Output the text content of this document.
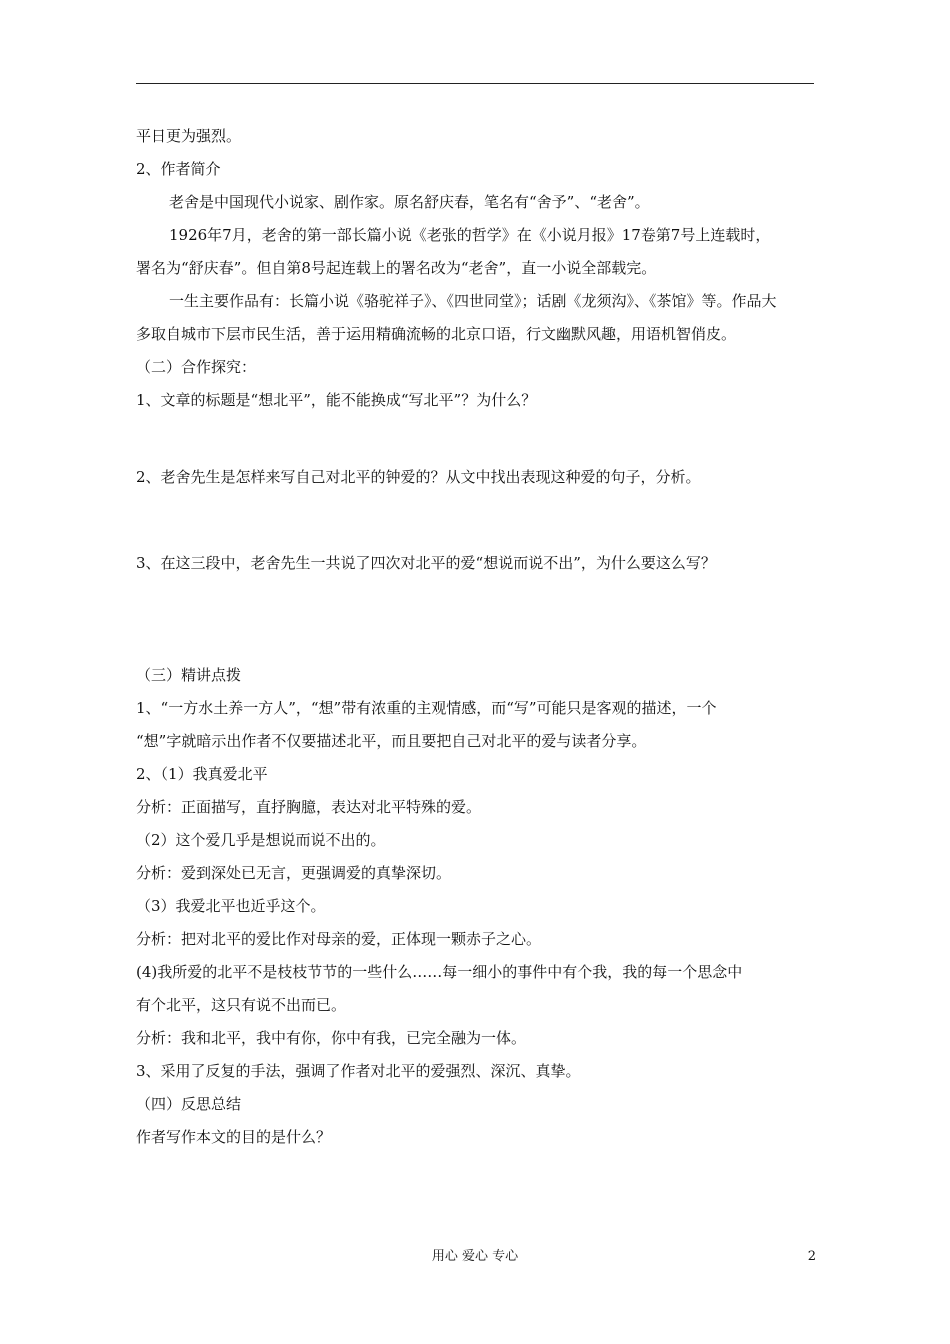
平日更为强烈。
2、作者简介
老舍是中国现代小说家、剧作家。原名舒庆春，笔名有“舍予”、“老舍”。
1926年7月，老舍的第一部长篇小说《老张的哲学》在《小说月报》17卷第7号上连载时，
署名为“舒庆春”。但自第8号起连载上的署名改为“老舍”，直一小说全部载完。
一生主要作品有：长篇小说《骆驼祥子》、《四世同堂》；话剧《龙须沟》、《茶馆》等。作品大
多取自城市下层市民生活，善于运用精确流畅的北京口语，行文幽默风趣，用语机智俏皮。
（二）合作探究：
1、文章的标题是“想北平”，能不能换成“写北平”？为什么？
2、老舍先生是怎样来写自己对北平的钟爱的？从文中找出表现这种爱的句子，分析。
3、在这三段中，老舍先生一共说了四次对北平的爱“想说而说不出”，为什么要这么写？
（三）精讲点拨
1、“一方水土养一方人”，“想”带有浓重的主观情感，而“写”可能只是客观的描述，一个
“想”字就暗示出作者不仅要描述北平，而且要把自己对北平的爱与读者分享。
2、（1）我真爱北平
分析：正面描写，直抒胸臆，表达对北平特殊的爱。
（2）这个爱几乎是想说而说不出的。
分析：爱到深处已无言，更强调爱的真挚深切。
（3）我爱北平也近乎这个。
分析：把对北平的爱比作对母亲的爱，正体现一颗赤子之心。
(4)我所爱的北平不是枝枝节节的一些什么……每一细小的事件中有个我，我的每一个思念中
有个北平，这只有说不出而已。
分析：我和北平，我中有你，你中有我，已完全融为一体。
3、采用了反复的手法，强调了作者对北平的爱强烈、深沉、真挚。
（四）反思总结
作者写作本文的目的是什么？
用心 爱心 专心	2
